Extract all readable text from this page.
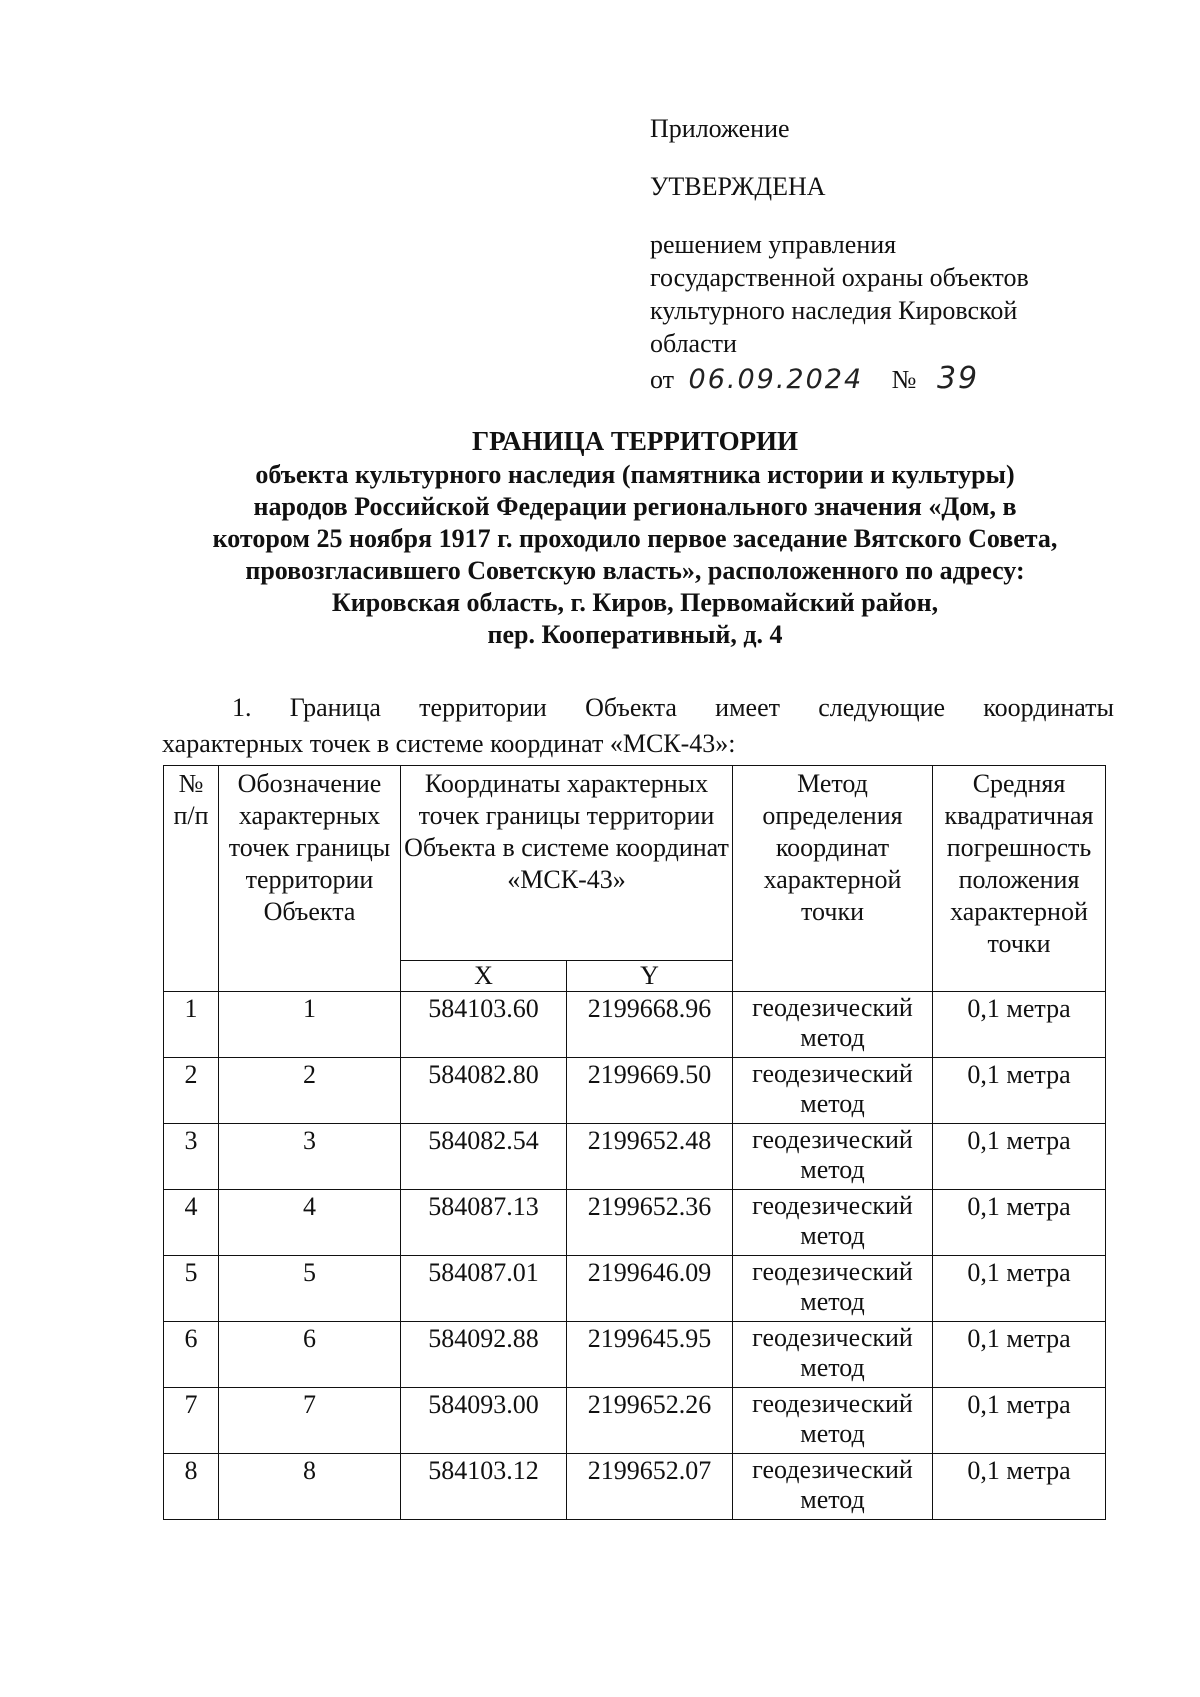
Приложение
УТВЕРЖДЕНА
решением управления
государственной охраны объектов
культурного наследия Кировской
области
от 06.09.2024 № 39
ГРАНИЦА ТЕРРИТОРИИ
объекта культурного наследия (памятника истории и культуры)
народов Российской Федерации регионального значения «Дом, в
котором 25 ноября 1917 г. проходило первое заседание Вятского Совета,
провозгласившего Советскую власть», расположенного по адресу:
Кировская область, г. Киров, Первомайский район,
пер. Кооперативный, д. 4
1. Граница территории Объекта имеет следующие координаты
характерных точек в системе координат «МСК-43»:
№ п/п	Обозначение характерных точек границы территории Объекта	Координаты характерных точек границы территории Объекта в системе координат «МСК-43»		Метод определения координат характерной точки	Средняя квадратичная погрешность положения характерной точки
		X	Y		
1	1	584103.60	2199668.96	геодезический метод	0,1 метра
2	2	584082.80	2199669.50	геодезический метод	0,1 метра
3	3	584082.54	2199652.48	геодезический метод	0,1 метра
4	4	584087.13	2199652.36	геодезический метод	0,1 метра
5	5	584087.01	2199646.09	геодезический метод	0,1 метра
6	6	584092.88	2199645.95	геодезический метод	0,1 метра
7	7	584093.00	2199652.26	геодезический метод	0,1 метра
8	8	584103.12	2199652.07	геодезический метод	0,1 метра
